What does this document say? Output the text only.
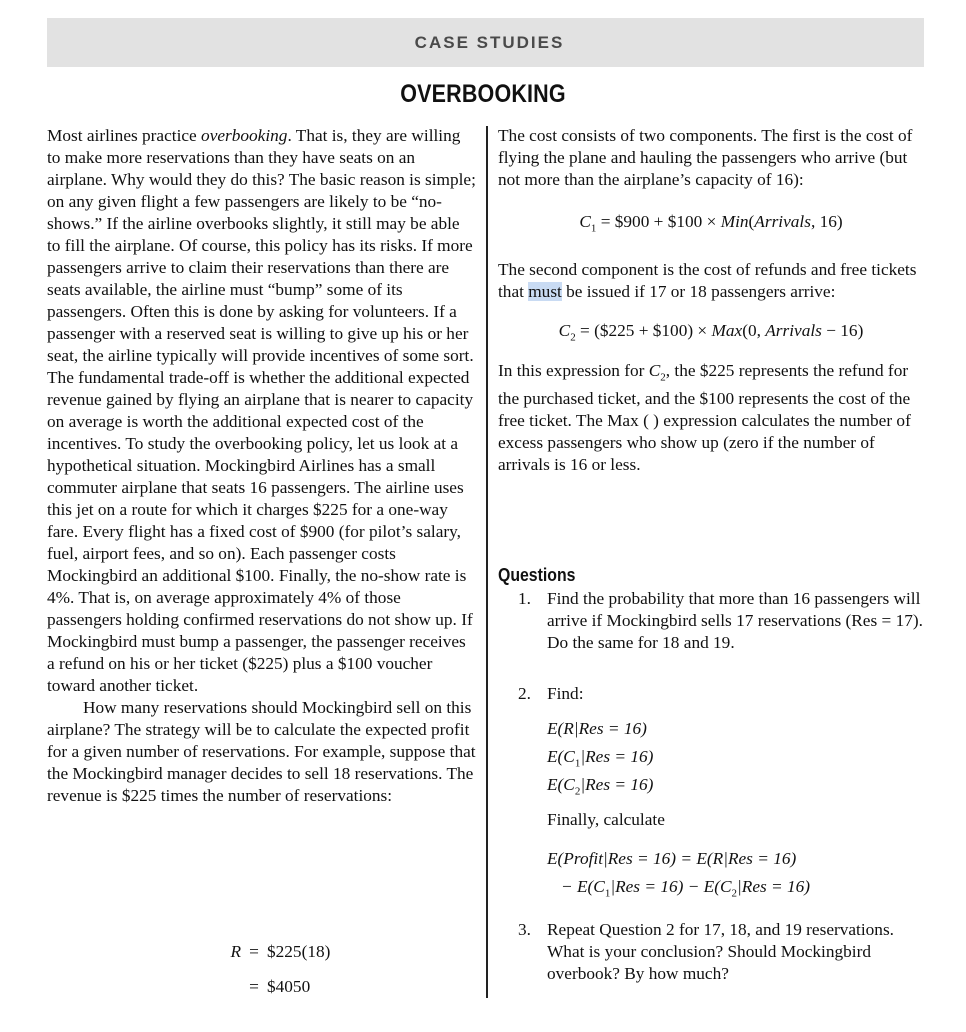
CASE STUDIES
OVERBOOKING

Most airlines practice overbooking. That is, they are willing to make more reservations than they have seats on an airplane. Why would they do this? The basic reason is simple; on any given flight a few passengers are likely to be “no-shows.” If the airline overbooks slightly, it still may be able to fill the airplane. Of course, this policy has its risks. If more passengers arrive to claim their reservations than there are seats available, the airline must “bump” some of its passengers. Often this is done by asking for volunteers. If a passenger with a reserved seat is willing to give up his or her seat, the airline typically will provide incentives of some sort. The fundamental trade-off is whether the additional expected revenue gained by flying an airplane that is nearer to capacity on average is worth the additional expected cost of the incentives. To study the overbooking policy, let us look at a hypothetical situation. Mockingbird Airlines has a small commuter airplane that seats 16 passengers. The airline uses this jet on a route for which it charges $225 for a one-way fare. Every flight has a fixed cost of $900 (for pilot’s salary, fuel, airport fees, and so on). Each passenger costs Mockingbird an additional $100. Finally, the no-show rate is 4%. That is, on average approximately 4% of those passengers holding confirmed reservations do not show up. If Mockingbird must bump a passenger, the passenger receives a refund on his or her ticket ($225) plus a $100 voucher toward another ticket.

How many reservations should Mockingbird sell on this airplane? The strategy will be to calculate the expected profit for a given number of reservations. For example, suppose that the Mockingbird manager decides to sell 18 reservations. The revenue is $225 times the number of reservations:

R = $225(18)
= $4050

The cost consists of two components. The first is the cost of flying the plane and hauling the passengers who arrive (but not more than the airplane’s capacity of 16):

$C_1$ = $900 + $100 × Min(Arrivals, 16)

The second component is the cost of refunds and free tickets that must be issued if 17 or 18 passengers arrive:

$C_2$ = ($225 + $100) × Max(0, Arrivals − 16)

In this expression for $C_2$, the $225 represents the refund for the purchased ticket, and the $100 represents the cost of the free ticket. The Max ( ) expression calculates the number of excess passengers who show up (zero if the number of arrivals is 16 or less.

Questions
1. Find the probability that more than 16 passengers will arrive if Mockingbird sells 17 reservations (Res = 17). Do the same for 18 and 19.
2. Find:
E(R|Res = 16)
$E(C_1|Res = 16)$
$E(C_2|Res = 16)$
Finally, calculate
E(Profit|Res = 16) = E(R|Res = 16)
− $E(C_1|Res = 16) - E(C_2|Res = 16)$
3. Repeat Question 2 for 17, 18, and 19 reservations. What is your conclusion? Should Mockingbird overbook? By how much?
